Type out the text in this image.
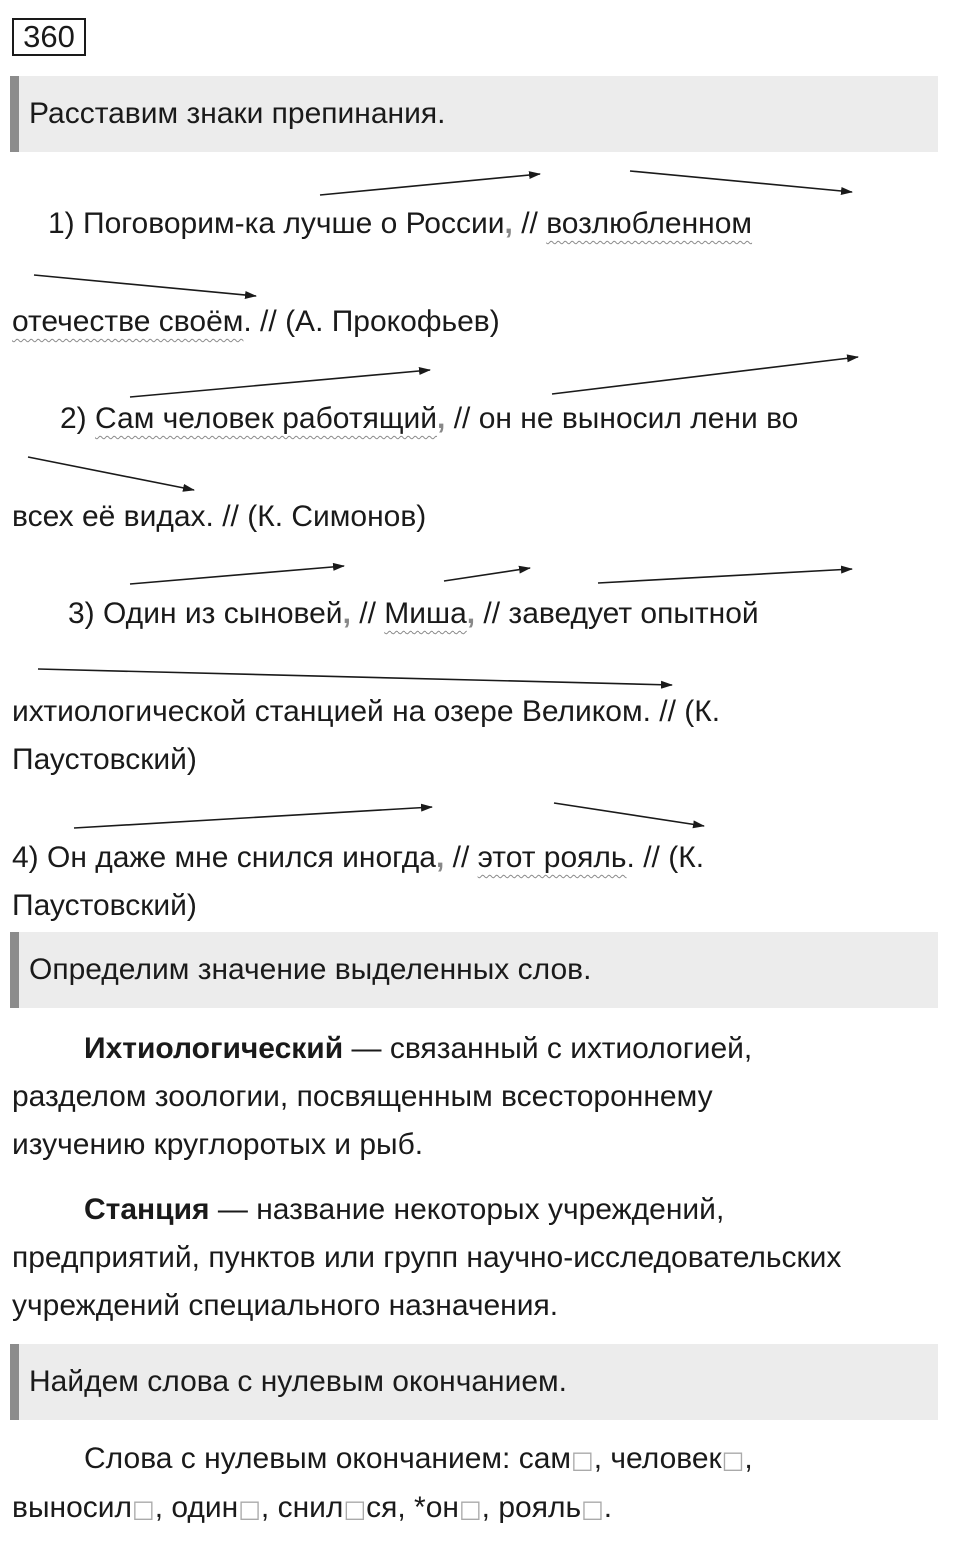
360
Расставим знаки препинания.
1) Поговорим-ка лучше о России, // возлюбленном
отечестве своём. // (А. Прокофьев)
2) Сам человек работящий, // он не выносил лени во
всех её видах. // (К. Симонов)
3) Один из сыновей, // Миша, // заведует опытной
ихтиологической станцией на озере Великом. // (К.
Паустовский)
4) Он даже мне снился иногда, // этот рояль. // (К.
Паустовский)
Определим значение выделенных слов.
Ихтиологический — связанный с ихтиологией,
разделом зоологии, посвященным всестороннему
изучению круглоротых и рыб.
Станция — название некоторых учреждений,
предприятий, пунктов или групп научно-исследовательских
учреждений специального назначения.
Найдем слова с нулевым окончанием.
Слова с нулевым окончанием: сам□, человек□,
выносил□, один□, снил□ся, *он□, рояль□.
